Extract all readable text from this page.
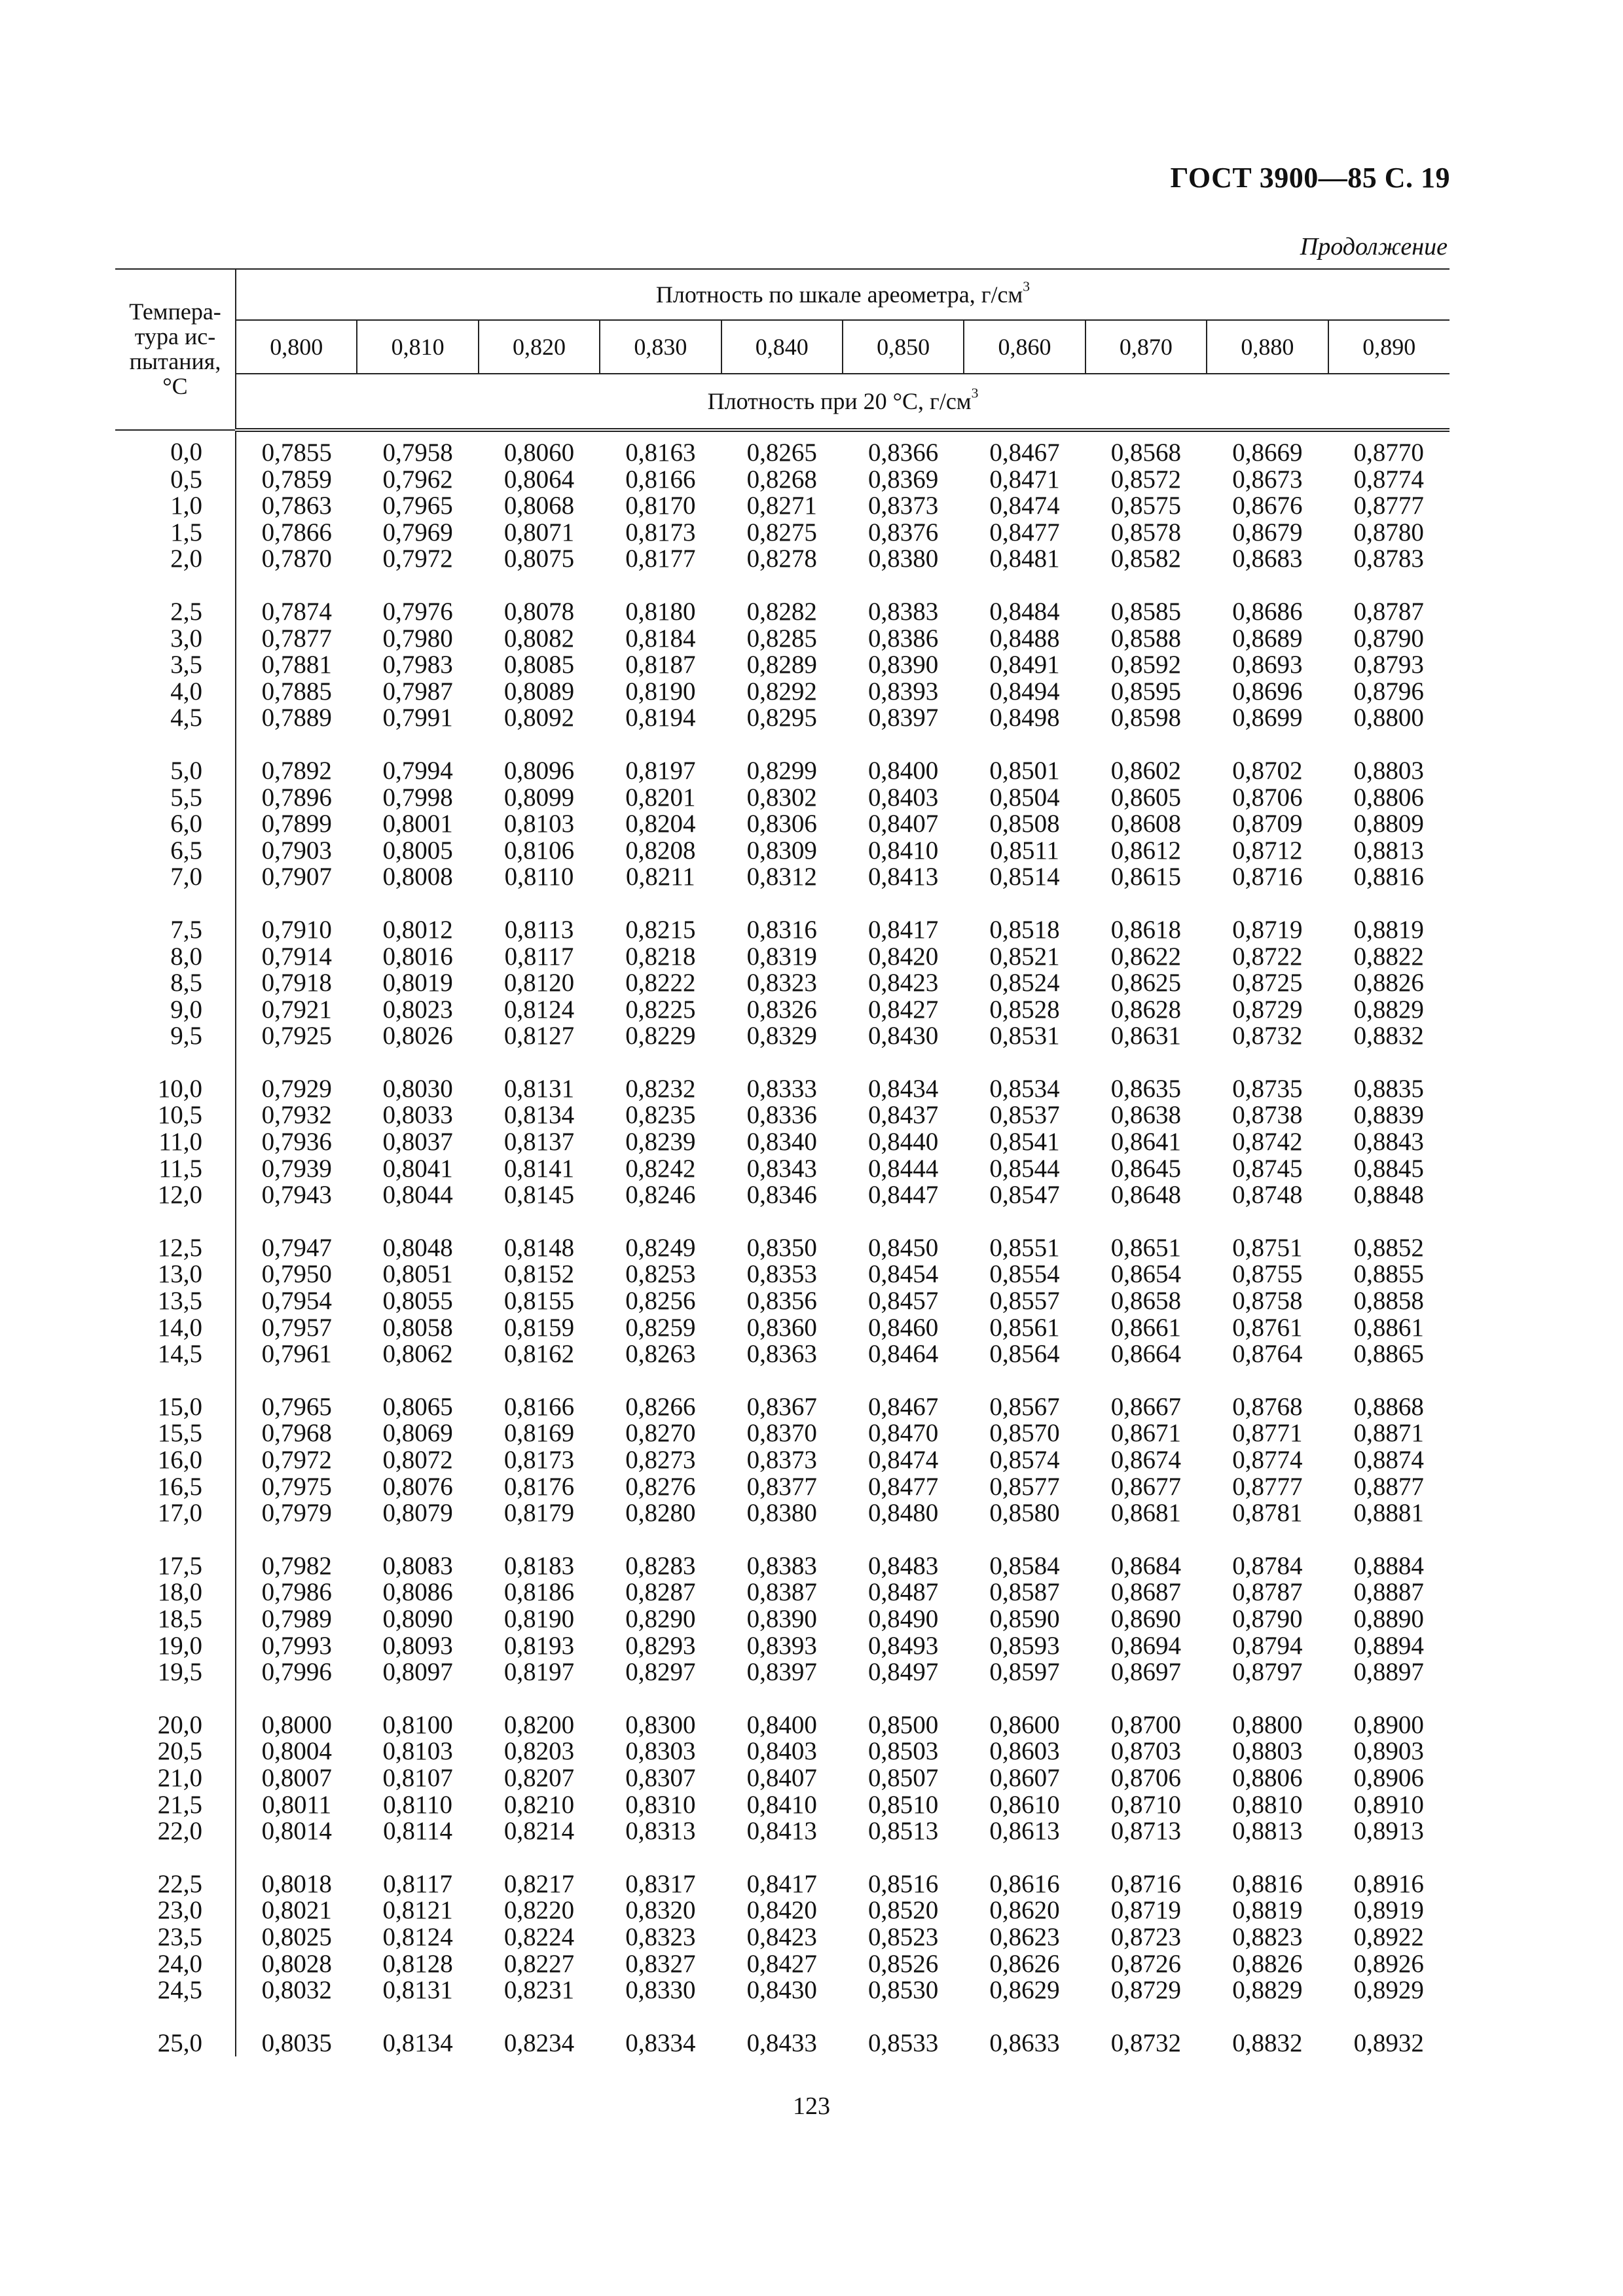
ГОСТ 3900—85 С. 19
Продолжение
Темпера-тура ис-пытания, °С	Плотность по шкале ареометра, $г/см^3$
	0,800	0,810	0,820	0,830	0,840	0,850	0,860	0,870	0,880	0,890
	Плотность при 20 °С, $г/см^3$
0,0	0,7855	0,7958	0,8060	0,8163	0,8265	0,8366	0,8467	0,8568	0,8669	0,8770
0,5	0,7859	0,7962	0,8064	0,8166	0,8268	0,8369	0,8471	0,8572	0,8673	0,8774
1,0	0,7863	0,7965	0,8068	0,8170	0,8271	0,8373	0,8474	0,8575	0,8676	0,8777
1,5	0,7866	0,7969	0,8071	0,8173	0,8275	0,8376	0,8477	0,8578	0,8679	0,8780
2,0	0,7870	0,7972	0,8075	0,8177	0,8278	0,8380	0,8481	0,8582	0,8683	0,8783

2,5	0,7874	0,7976	0,8078	0,8180	0,8282	0,8383	0,8484	0,8585	0,8686	0,8787
3,0	0,7877	0,7980	0,8082	0,8184	0,8285	0,8386	0,8488	0,8588	0,8689	0,8790
3,5	0,7881	0,7983	0,8085	0,8187	0,8289	0,8390	0,8491	0,8592	0,8693	0,8793
4,0	0,7885	0,7987	0,8089	0,8190	0,8292	0,8393	0,8494	0,8595	0,8696	0,8796
4,5	0,7889	0,7991	0,8092	0,8194	0,8295	0,8397	0,8498	0,8598	0,8699	0,8800

5,0	0,7892	0,7994	0,8096	0,8197	0,8299	0,8400	0,8501	0,8602	0,8702	0,8803
5,5	0,7896	0,7998	0,8099	0,8201	0,8302	0,8403	0,8504	0,8605	0,8706	0,8806
6,0	0,7899	0,8001	0,8103	0,8204	0,8306	0,8407	0,8508	0,8608	0,8709	0,8809
6,5	0,7903	0,8005	0,8106	0,8208	0,8309	0,8410	0,8511	0,8612	0,8712	0,8813
7,0	0,7907	0,8008	0,8110	0,8211	0,8312	0,8413	0,8514	0,8615	0,8716	0,8816

7,5	0,7910	0,8012	0,8113	0,8215	0,8316	0,8417	0,8518	0,8618	0,8719	0,8819
8,0	0,7914	0,8016	0,8117	0,8218	0,8319	0,8420	0,8521	0,8622	0,8722	0,8822
8,5	0,7918	0,8019	0,8120	0,8222	0,8323	0,8423	0,8524	0,8625	0,8725	0,8826
9,0	0,7921	0,8023	0,8124	0,8225	0,8326	0,8427	0,8528	0,8628	0,8729	0,8829
9,5	0,7925	0,8026	0,8127	0,8229	0,8329	0,8430	0,8531	0,8631	0,8732	0,8832

10,0	0,7929	0,8030	0,8131	0,8232	0,8333	0,8434	0,8534	0,8635	0,8735	0,8835
10,5	0,7932	0,8033	0,8134	0,8235	0,8336	0,8437	0,8537	0,8638	0,8738	0,8839
11,0	0,7936	0,8037	0,8137	0,8239	0,8340	0,8440	0,8541	0,8641	0,8742	0,8843
11,5	0,7939	0,8041	0,8141	0,8242	0,8343	0,8444	0,8544	0,8645	0,8745	0,8845
12,0	0,7943	0,8044	0,8145	0,8246	0,8346	0,8447	0,8547	0,8648	0,8748	0,8848

12,5	0,7947	0,8048	0,8148	0,8249	0,8350	0,8450	0,8551	0,8651	0,8751	0,8852
13,0	0,7950	0,8051	0,8152	0,8253	0,8353	0,8454	0,8554	0,8654	0,8755	0,8855
13,5	0,7954	0,8055	0,8155	0,8256	0,8356	0,8457	0,8557	0,8658	0,8758	0,8858
14,0	0,7957	0,8058	0,8159	0,8259	0,8360	0,8460	0,8561	0,8661	0,8761	0,8861
14,5	0,7961	0,8062	0,8162	0,8263	0,8363	0,8464	0,8564	0,8664	0,8764	0,8865

15,0	0,7965	0,8065	0,8166	0,8266	0,8367	0,8467	0,8567	0,8667	0,8768	0,8868
15,5	0,7968	0,8069	0,8169	0,8270	0,8370	0,8470	0,8570	0,8671	0,8771	0,8871
16,0	0,7972	0,8072	0,8173	0,8273	0,8373	0,8474	0,8574	0,8674	0,8774	0,8874
16,5	0,7975	0,8076	0,8176	0,8276	0,8377	0,8477	0,8577	0,8677	0,8777	0,8877
17,0	0,7979	0,8079	0,8179	0,8280	0,8380	0,8480	0,8580	0,8681	0,8781	0,8881

17,5	0,7982	0,8083	0,8183	0,8283	0,8383	0,8483	0,8584	0,8684	0,8784	0,8884
18,0	0,7986	0,8086	0,8186	0,8287	0,8387	0,8487	0,8587	0,8687	0,8787	0,8887
18,5	0,7989	0,8090	0,8190	0,8290	0,8390	0,8490	0,8590	0,8690	0,8790	0,8890
19,0	0,7993	0,8093	0,8193	0,8293	0,8393	0,8493	0,8593	0,8694	0,8794	0,8894
19,5	0,7996	0,8097	0,8197	0,8297	0,8397	0,8497	0,8597	0,8697	0,8797	0,8897

20,0	0,8000	0,8100	0,8200	0,8300	0,8400	0,8500	0,8600	0,8700	0,8800	0,8900
20,5	0,8004	0,8103	0,8203	0,8303	0,8403	0,8503	0,8603	0,8703	0,8803	0,8903
21,0	0,8007	0,8107	0,8207	0,8307	0,8407	0,8507	0,8607	0,8706	0,8806	0,8906
21,5	0,8011	0,8110	0,8210	0,8310	0,8410	0,8510	0,8610	0,8710	0,8810	0,8910
22,0	0,8014	0,8114	0,8214	0,8313	0,8413	0,8513	0,8613	0,8713	0,8813	0,8913

22,5	0,8018	0,8117	0,8217	0,8317	0,8417	0,8516	0,8616	0,8716	0,8816	0,8916
23,0	0,8021	0,8121	0,8220	0,8320	0,8420	0,8520	0,8620	0,8719	0,8819	0,8919
23,5	0,8025	0,8124	0,8224	0,8323	0,8423	0,8523	0,8623	0,8723	0,8823	0,8922
24,0	0,8028	0,8128	0,8227	0,8327	0,8427	0,8526	0,8626	0,8726	0,8826	0,8926
24,5	0,8032	0,8131	0,8231	0,8330	0,8430	0,8530	0,8629	0,8729	0,8829	0,8929

25,0	0,8035	0,8134	0,8234	0,8334	0,8433	0,8533	0,8633	0,8732	0,8832	0,8932
123
